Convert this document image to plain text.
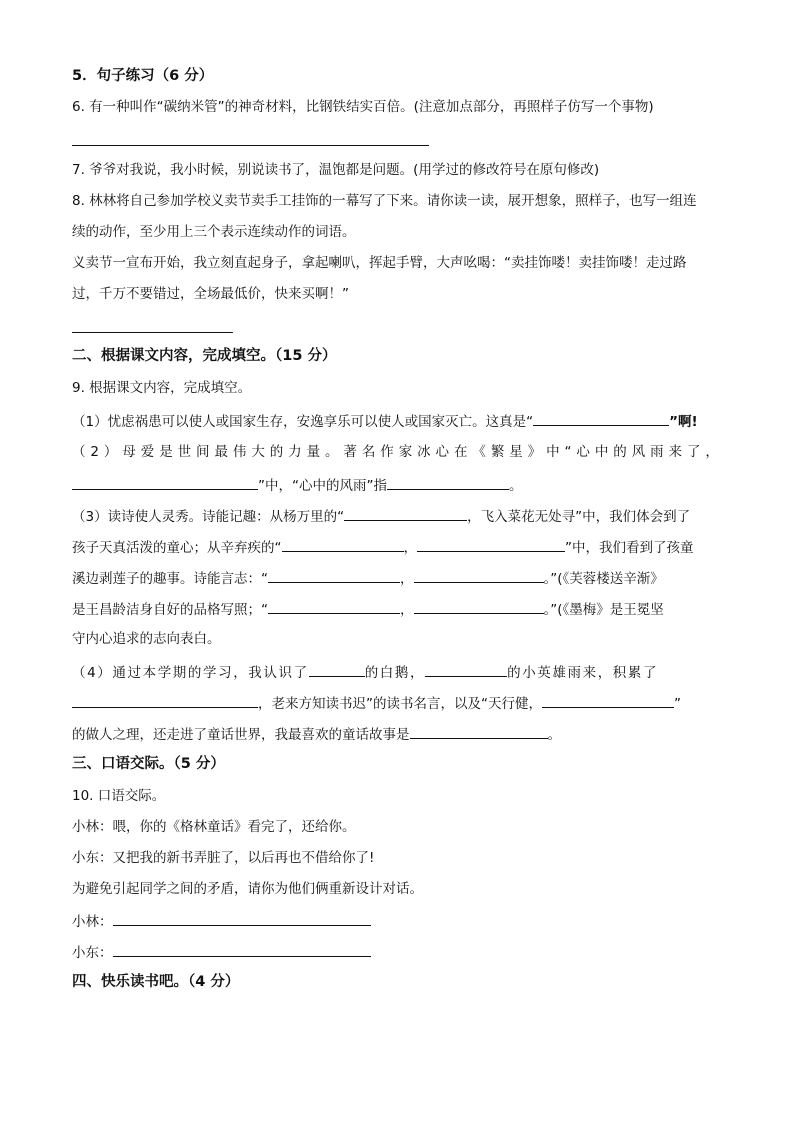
5．句子练习（6 分）
6. 有一种叫作“碳纳米管”的神奇材料，比钢铁结实百倍。(注意加点部分，再照样子仿写一个事物)
7. 爷爷对我说，我小时候，别说读书了，温饱都是问题。(用学过的修改符号在原句修改)
8. 林林将自己参加学校义卖节卖手工挂饰的一幕写了下来。请你读一读，展开想象，照样子，也写一组连
续的动作，至少用上三个表示连续动作的词语。
义卖节一宣布开始，我立刻直起身子，拿起喇叭，挥起手臂，大声吆喝：“卖挂饰喽！卖挂饰喽！走过路
过，千万不要错过，全场最低价，快来买啊！”
二、根据课文内容，完成填空。（15 分）
9. 根据课文内容，完成填空。
（1）忧虑祸患可以使人或国家生存，安逸享乐可以使人或国家灭亡。这真是“	”啊!
（2）母爱是世间最伟大的力量。著名作家冰心在《繁星》中“心中的风雨来了，
”中，“心中的风雨”指	。
（3）读诗使人灵秀。诗能记趣：从杨万里的“	，飞入菜花无处寻”中，我们体会到了
孩子天真活泼的童心；从辛弃疾的“	，	”中，我们看到了孩童
溪边剥莲子的趣事。诗能言志：“	，	。”(《芙蓉楼送辛渐》
是王昌龄洁身自好的品格写照；“	，	。”(《墨梅》是王冕坚
守内心追求的志向表白。
（4）通过本学期的学习，我认识了	的白鹅，	的小英雄雨来，积累了
，老来方知读书迟”的读书名言，以及“天行健，	”
的做人之理，还走进了童话世界，我最喜欢的童话故事是	。
三、口语交际。（5 分）
10. 口语交际。
小林：喂，你的《格林童话》看完了，还给你。
小东：又把我的新书弄脏了，以后再也不借给你了!
为避免引起同学之间的矛盾，请你为他们俩重新设计对话。
小林：
小东：
四、快乐读书吧。（4 分）
